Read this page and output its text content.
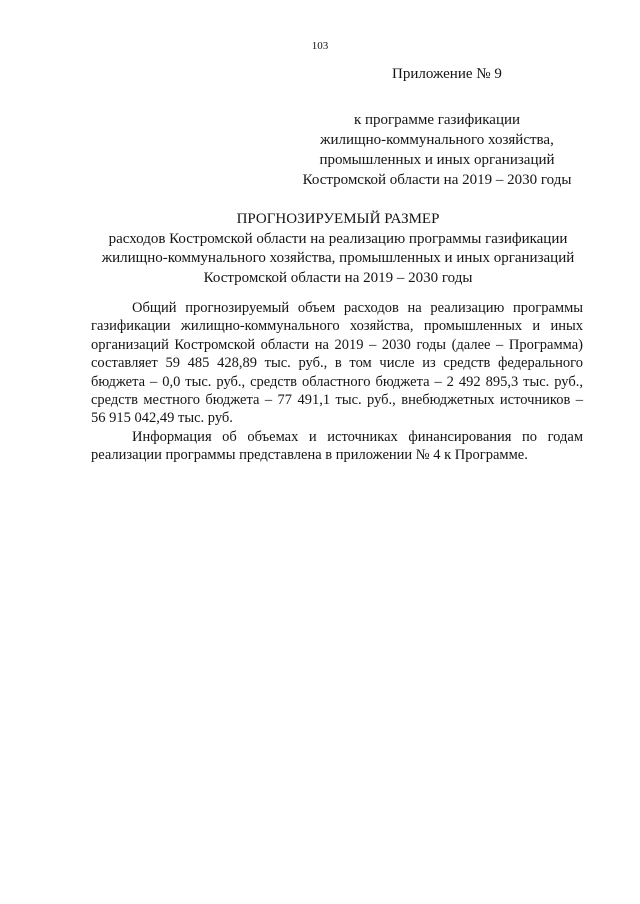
103
Приложение № 9
к программе газификации
жилищно-коммунального хозяйства,
промышленных и иных организаций
Костромской области на 2019 – 2030 годы
ПРОГНОЗИРУЕМЫЙ РАЗМЕР
расходов Костромской области на реализацию программы газификации
жилищно-коммунального хозяйства, промышленных и иных организаций
Костромской области на 2019 – 2030 годы

Общий прогнозируемый объем расходов на реализацию программы газификации жилищно-коммунального хозяйства, промышленных и иных организаций Костромской области на 2019 – 2030 годы (далее – Программа) составляет 59 485 428,89 тыс. руб., в том числе из средств федерального бюджета – 0,0 тыс. руб., средств областного бюджета – 2 492 895,3 тыс. руб., средств местного бюджета – 77 491,1 тыс. руб., внебюджетных источников – 56 915 042,49 тыс. руб.

Информация об объемах и источниках финансирования по годам реализации программы представлена в приложении № 4 к Программе.
